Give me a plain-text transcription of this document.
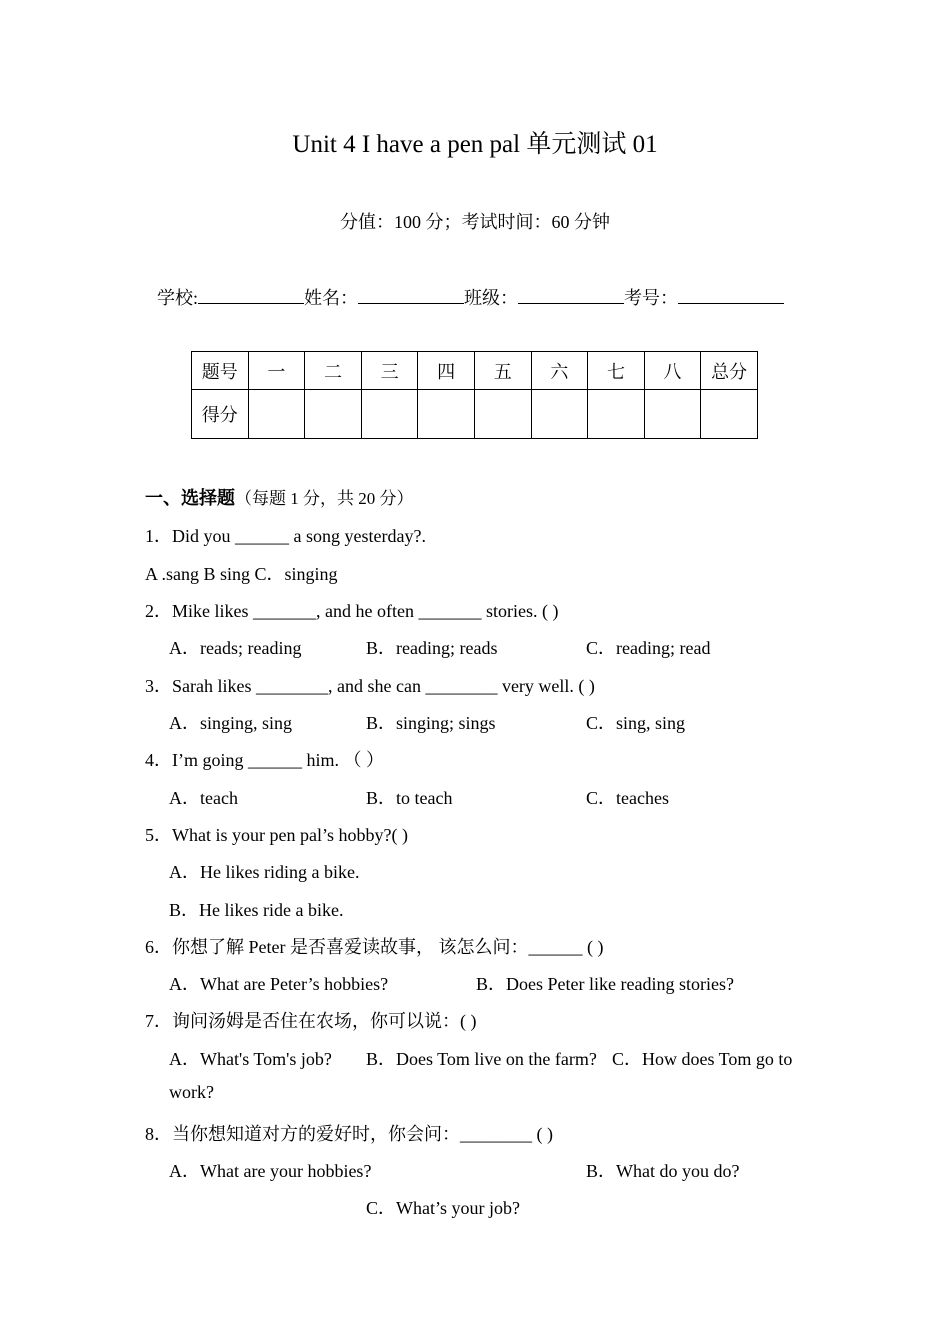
Unit 4 I have a pen pal 单元测试 01
分值：100 分；考试时间：60 分钟
学校:	姓名：	班级：	考号：
题号	一	二	三	四	五	六	七	八	总分
得分									
一、选择题（每题 1 分，共 20 分）
1．Did you ______ a song yesterday?.
A .sang B sing C．singing
2．Mike likes _______, and he often _______ stories. ( )
A．reads; reading	B．reading; reads	C．reading; read
3．Sarah likes ________, and she can ________ very well. ( )
A．singing, sing	B．singing; sings	C．sing, sing
4．I’m going ______ him. （ ）
A．teach	B．to teach	C．teaches
5．What is your pen pal’s hobby?( )
A．He likes riding a bike.
B．He likes ride a bike.
6．你想了解 Peter 是否喜爱读故事， 该怎么问：______ ( )
A．What are Peter’s hobbies?	B．Does Peter like reading stories?
7．询问汤姆是否住在农场，你可以说：( )
A．What's Tom's job? B．Does Tom live on the farm? C．How does Tom go to
work?
8．当你想知道对方的爱好时，你会问：________ ( )
A．What are your hobbies?	B．What do you do?
C．What’s your job?
